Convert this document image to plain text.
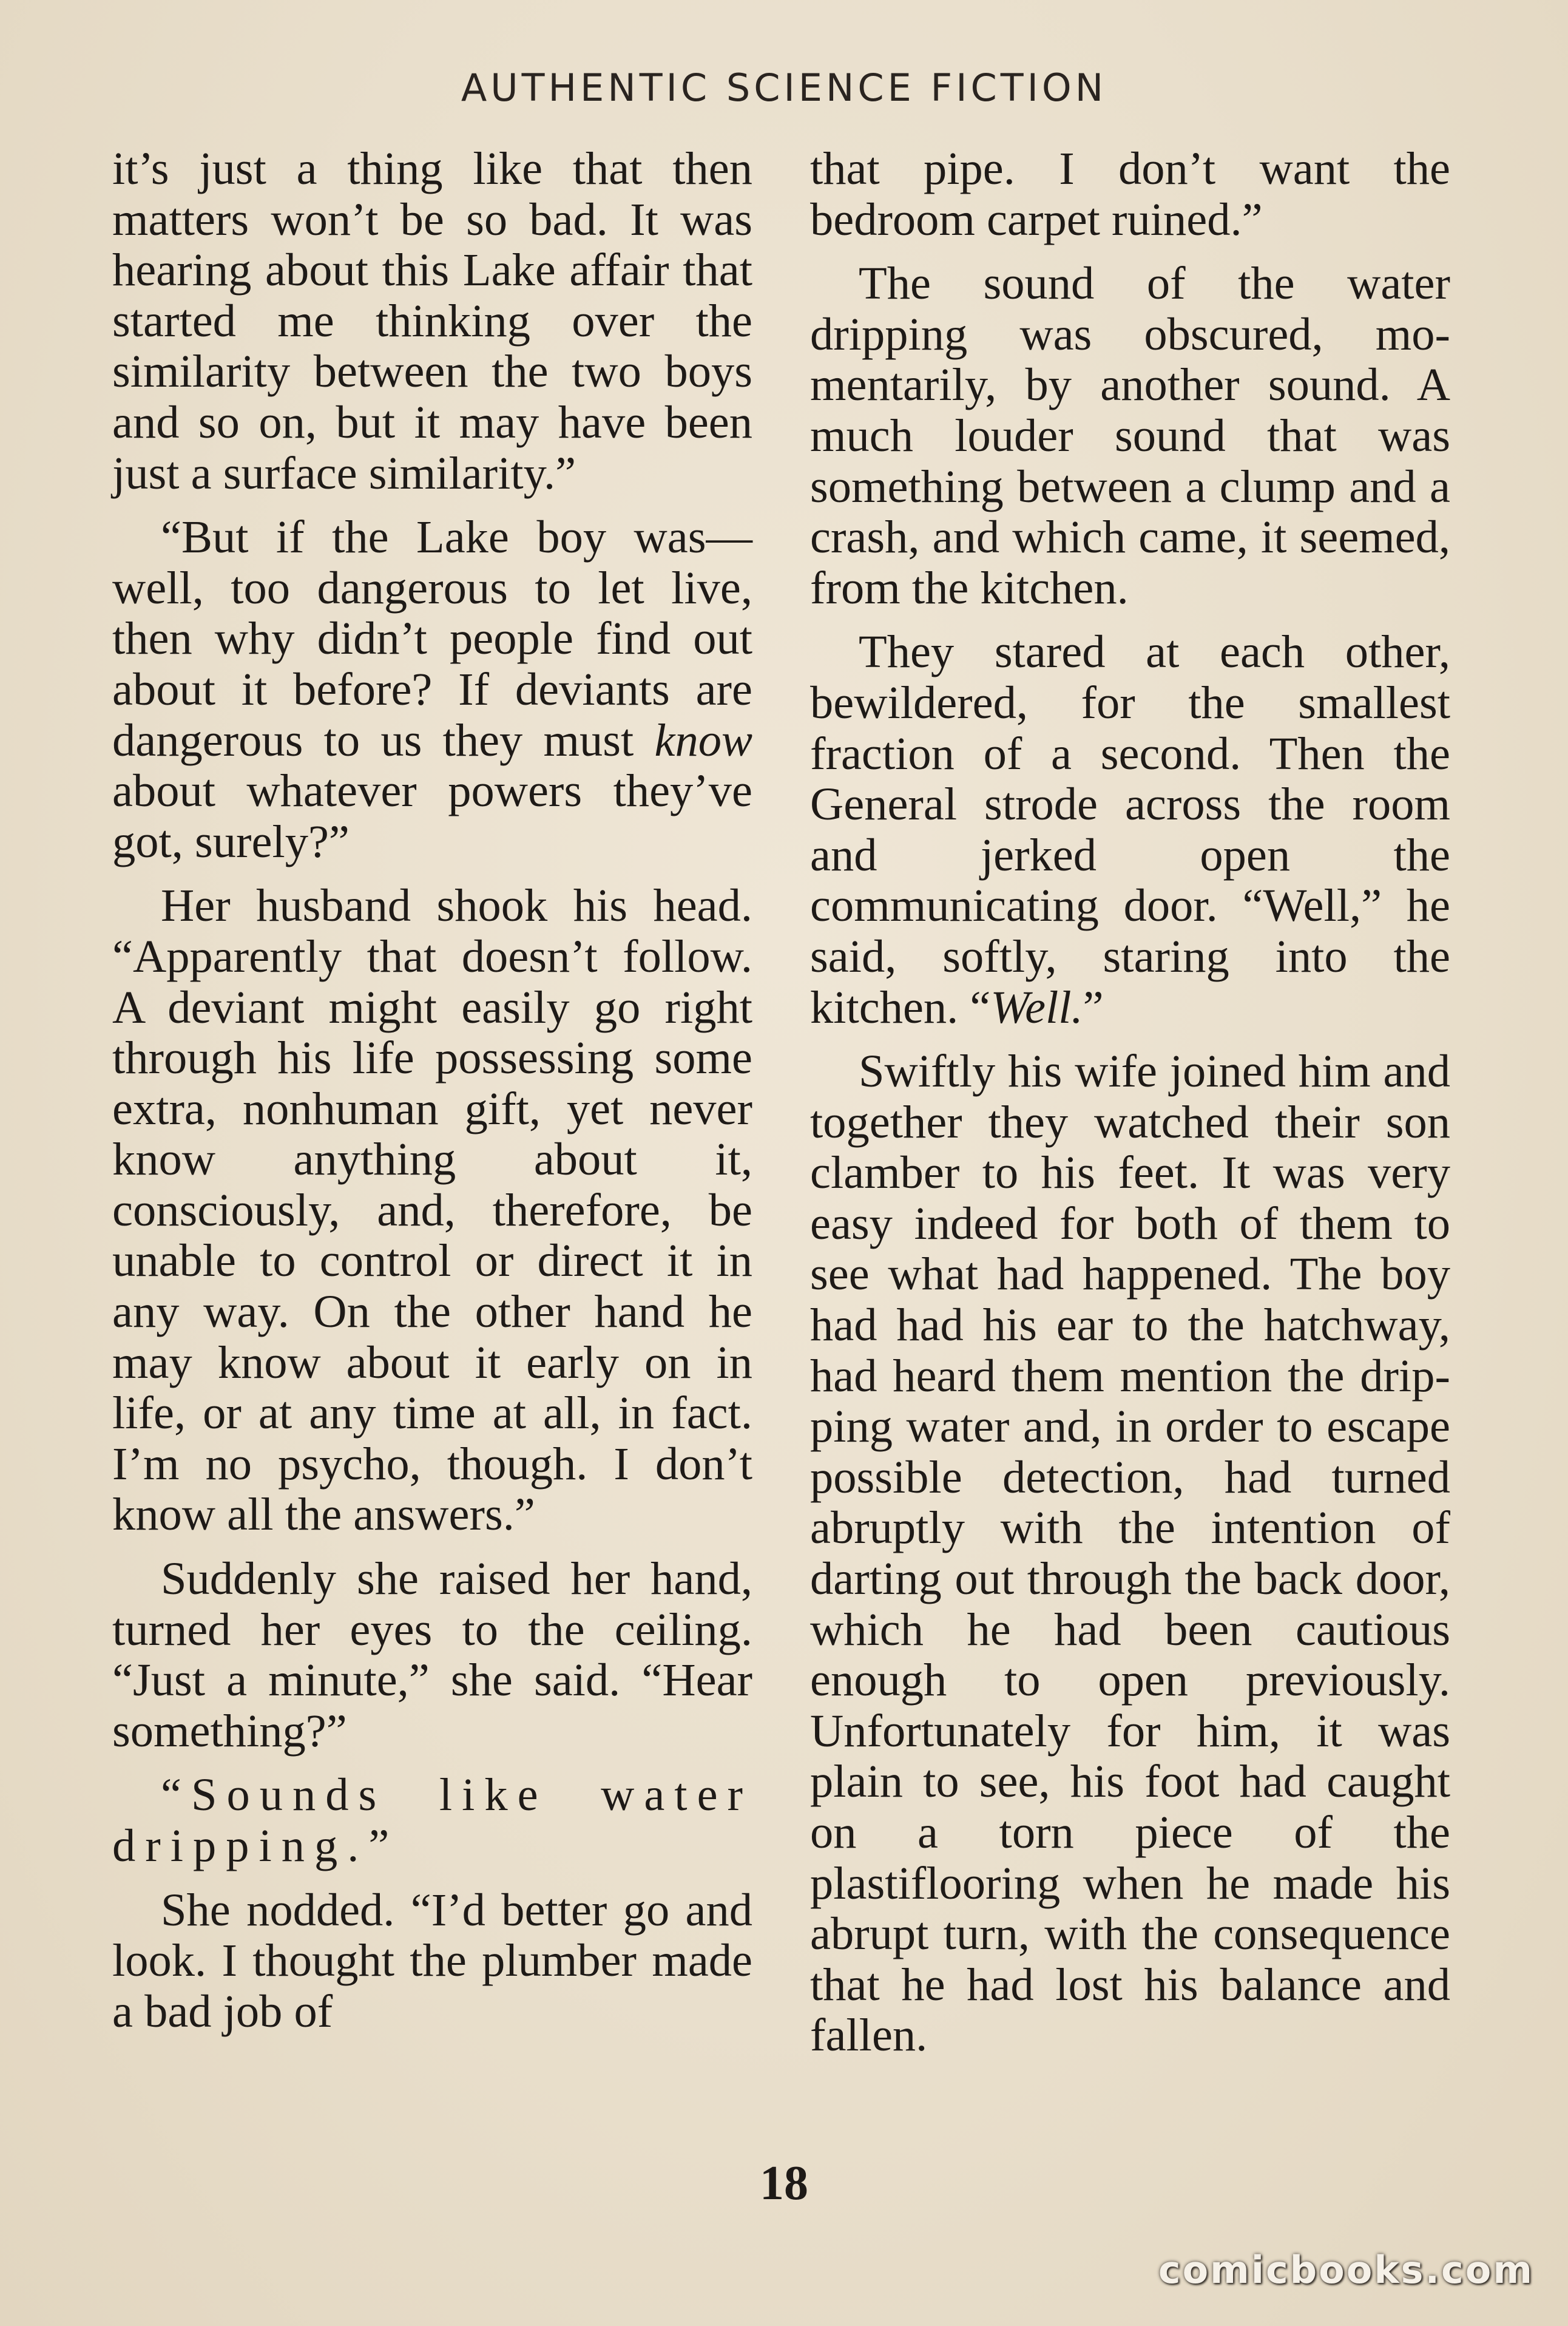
AUTHENTIC SCIENCE FICTION

it’s just a thing like that then matters won’t be so bad. It was hearing about this Lake affair that started me thinking over the similarity between the two boys and so on, but it may have been just a surface similarity.”

“But if the Lake boy was— well, too dangerous to let live, then why didn’t people find out about it before? If deviants are dangerous to us they must know about whatever powers they’ve got, surely?”

Her husband shook his head. “Apparently that doesn’t follow. A deviant might easily go right through his life possessing some extra, nonhuman gift, yet never know anything about it, consciously, and, therefore, be unable to control or direct it in any way. On the other hand he may know about it early on in life, or at any time at all, in fact. I’m no psycho, though. I don’t know all the answers.”

Suddenly she raised her hand, turned her eyes to the ceiling. “Just a minute,” she said. “Hear something?”

“Sounds like water dripping.”

She nodded. “I’d better go and look. I thought the plumber made a bad job of

that pipe. I don’t want the bedroom carpet ruined.”

The sound of the water dripping was obscured, momentarily, by another sound. A much louder sound that was something between a clump and a crash, and which came, it seemed, from the kitchen.

They stared at each other, bewildered, for the smallest fraction of a second. Then the General strode across the room and jerked open the communicating door. “Well,” he said, softly, staring into the kitchen. “Well.”

Swiftly his wife joined him and together they watched their son clamber to his feet. It was very easy indeed for both of them to see what had happened. The boy had had his ear to the hatchway, had heard them mention the dripping water and, in order to escape possible detection, had turned abruptly with the intention of darting out through the back door, which he had been cautious enough to open previously. Unfortunately for him, it was plain to see, his foot had caught on a torn piece of the plastiflooring when he made his abrupt turn, with the consequence that he had lost his balance and fallen.

18
comicbooks.com
